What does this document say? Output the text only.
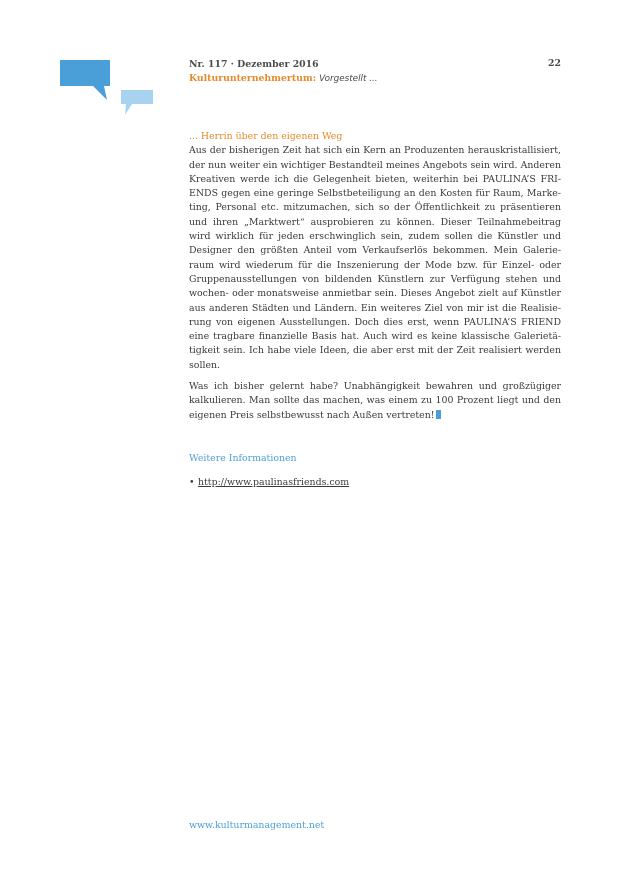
Nr. 117 · Dezember 2016	22
Kulturunternehmertum: Vorgestellt ...
... Herrin über den eigenen Weg

Aus der bisherigen Zeit hat sich ein Kern an Produzenten herauskristallisiert, der nun weiter ein wichtiger Bestandteil meines Angebots sein wird. Anderen Kreativen werde ich die Gelegenheit bieten, weiterhin bei PAULINA’S FRIENDS gegen eine geringe Selbstbeteiligung an den Kosten für Raum, Marketing, Personal etc. mitzumachen, sich so der Öffentlichkeit zu präsentieren und ihren „Marktwert“ ausprobieren zu können. Dieser Teilnahmebeitrag wird wirklich für jeden erschwinglich sein, zudem sollen die Künstler und Designer den größten Anteil vom Verkaufserlös bekommen. Mein Galerieraum wird wiederum für die Inszenierung der Mode bzw. für Einzel- oder Gruppenausstellungen von bildenden Künstlern zur Verfügung stehen und wochen- oder monatsweise anmietbar sein. Dieses Angebot zielt auf Künstler aus anderen Städten und Ländern. Ein weiteres Ziel von mir ist die Realisierung von eigenen Ausstellungen. Doch dies erst, wenn PAULINA’S FRIEND eine tragbare finanzielle Basis hat. Auch wird es keine klassische Galerietätigkeit sein. Ich habe viele Ideen, die aber erst mit der Zeit realisiert werden sollen.

Was ich bisher gelernt habe? Unabhängigkeit bewahren und großzügiger kalkulieren. Man sollte das machen, was einem zu 100 Prozent liegt und den eigenen Preis selbstbewusst nach Außen vertreten!

Weitere Informationen
• http://www.paulinasfriends.com
www.kulturmanagement.net
